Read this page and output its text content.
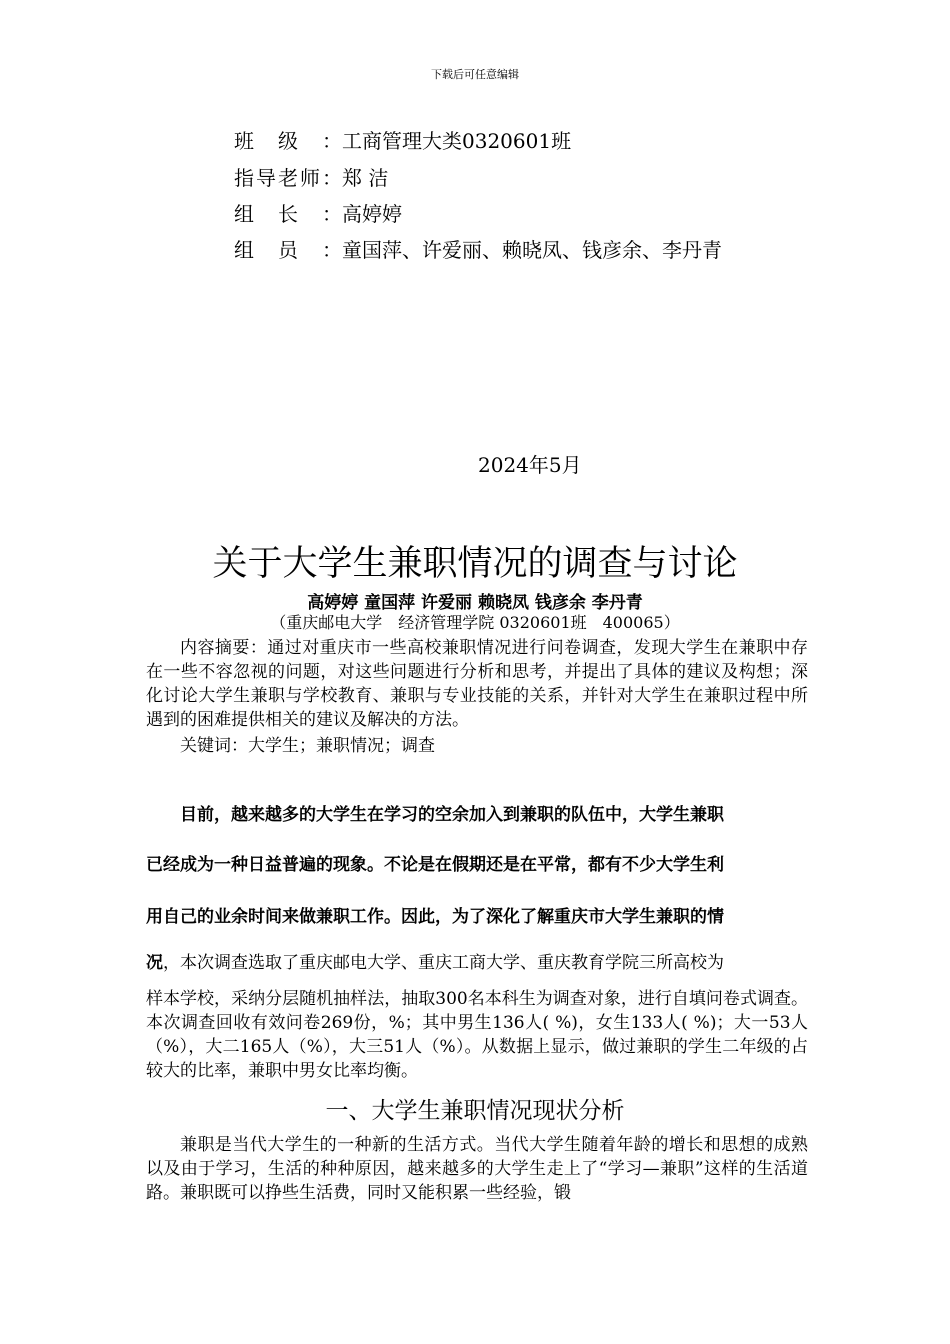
下载后可任意编辑
班级：工商管理大类0320601班
指导老师：郑 洁
组长：高婷婷
组员：童国萍、许爱丽、赖晓凤、钱彦余、李丹青
2024年5月
关于大学生兼职情况的调查与讨论
高婷婷 童国萍 许爱丽 赖晓凤 钱彦余 李丹青
（重庆邮电大学　经济管理学院 0320601班　400065）

内容摘要：通过对重庆市一些高校兼职情况进行问卷调查，发现大学生在兼职中存在一些不容忽视的问题，对这些问题进行分析和思考，并提出了具体的建议及构想；深化讨论大学生兼职与学校教育、兼职与专业技能的关系，并针对大学生在兼职过程中所遇到的困难提供相关的建议及解决的方法。

关键词：大学生；兼职情况；调查

目前，越来越多的大学生在学习的空余加入到兼职的队伍中，大学生兼职
已经成为一种日益普遍的现象。不论是在假期还是在平常，都有不少大学生利
用自己的业余时间来做兼职工作。因此，为了深化了解重庆市大学生兼职的情
况，本次调查选取了重庆邮电大学、重庆工商大学、重庆教育学院三所高校为

样本学校，采纳分层随机抽样法，抽取300名本科生为调查对象，进行自填问卷式调查。本次调查回收有效问卷269份，%；其中男生136人( %)，女生133人( %)；大一53人（%），大二165人（%），大三51人（%）。从数据上显示，做过兼职的学生二年级的占较大的比率，兼职中男女比率均衡。

一、大学生兼职情况现状分析

兼职是当代大学生的一种新的生活方式。当代大学生随着年龄的增长和思想的成熟以及由于学习，生活的种种原因，越来越多的大学生走上了“学习—兼职”这样的生活道路。兼职既可以挣些生活费，同时又能积累一些经验，锻
